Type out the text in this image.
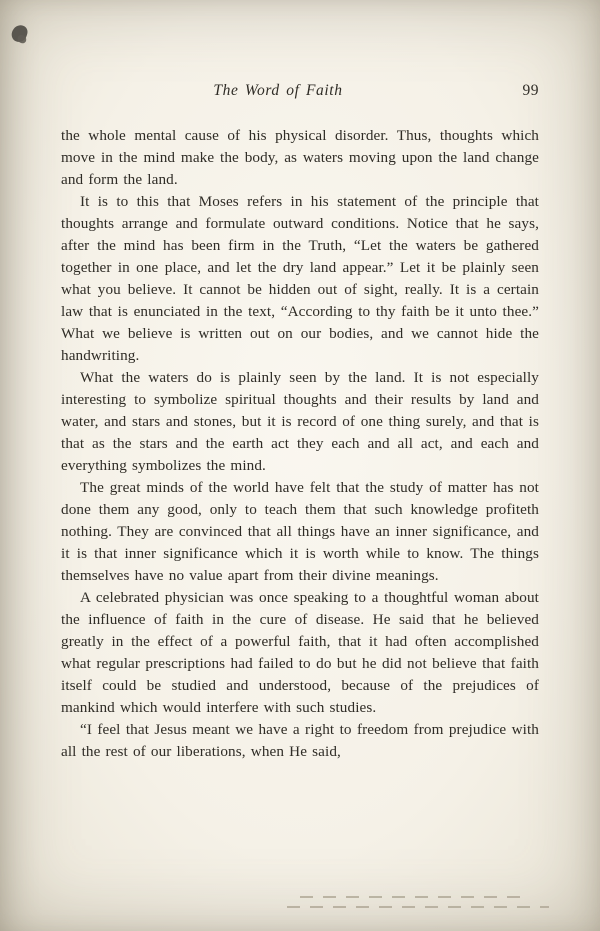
The Word of Faith	99

the whole mental cause of his physical disorder. Thus, thoughts which move in the mind make the body, as waters moving upon the land change and form the land.

It is to this that Moses refers in his statement of the principle that thoughts arrange and formulate outward conditions. Notice that he says, after the mind has been firm in the Truth, “Let the waters be gathered together in one place, and let the dry land appear.” Let it be plainly seen what you believe. It cannot be hidden out of sight, really. It is a certain law that is enunciated in the text, “According to thy faith be it unto thee.” What we believe is written out on our bodies, and we cannot hide the handwriting.

What the waters do is plainly seen by the land. It is not especially interesting to symbolize spiritual thoughts and their results by land and water, and stars and stones, but it is record of one thing surely, and that is that as the stars and the earth act they each and all act, and each and everything symbolizes the mind.

The great minds of the world have felt that the study of matter has not done them any good, only to teach them that such knowledge profiteth nothing. They are convinced that all things have an inner significance, and it is that inner significance which it is worth while to know. The things themselves have no value apart from their divine meanings.

A celebrated physician was once speaking to a thoughtful woman about the influence of faith in the cure of disease. He said that he believed greatly in the effect of a powerful faith, that it had often accomplished what regular prescriptions had failed to do but he did not believe that faith itself could be studied and understood, because of the prejudices of mankind which would interfere with such studies.

“I feel that Jesus meant we have a right to freedom from prejudice with all the rest of our liberations, when He said,
